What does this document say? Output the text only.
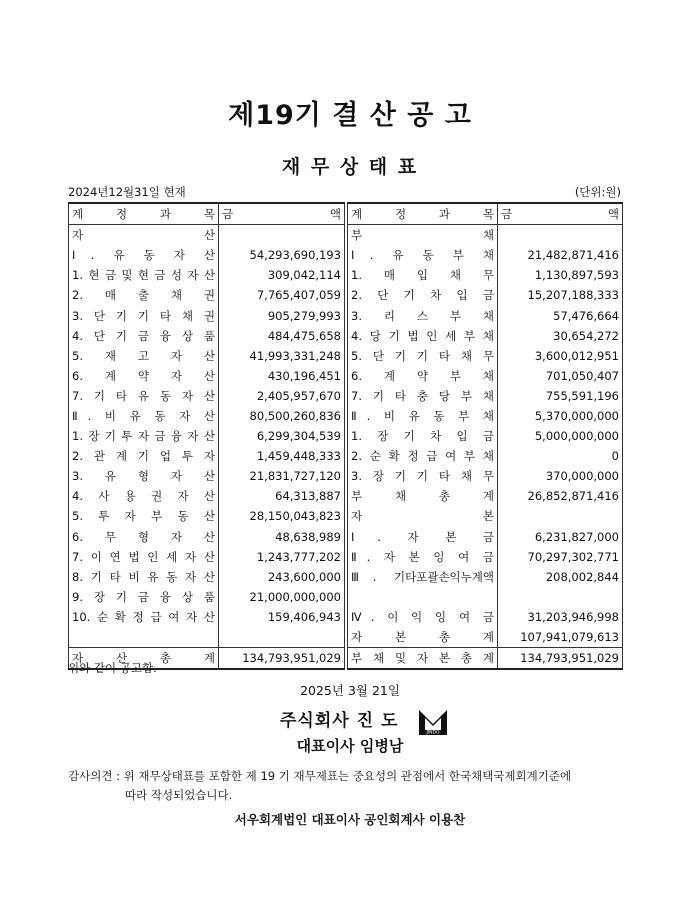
제19기 결 산 공 고
재 무 상 태 표
2024년12월31일 현재	(단위:원)
계 정 과 목	금 액		계 정 과 목	금 액

자 산			부 채	
Ⅰ. 유 동 자 산	54,293,690,193		Ⅰ. 유 동 부 채	21,482,871,416
1. 현 금 및 현 금 성 자 산	309,042,114		1. 매 입 채 무	1,130,897,593
2. 매 출 채 권	7,765,407,059		2. 단 기 차 입 금	15,207,188,333
3. 단 기 기 타 채 권	905,279,993		3. 리 스 부 채	57,476,664
4. 단 기 금 융 상 품	484,475,658		4. 당 기 법 인 세 부 채	30,654,272
5. 재 고 자 산	41,993,331,248		5. 단 기 기 타 채 무	3,600,012,951
6. 계 약 자 산	430,196,451		6. 계 약 부 채	701,050,407
7. 기 타 유 동 자 산	2,405,957,670		7. 기 타 충 당 부 채	755,591,196
Ⅱ. 비 유 동 자 산	80,500,260,836		Ⅱ. 비 유 동 부 채	5,370,000,000
1. 장 기 투 자 금 융 자 산	6,299,304,539		1. 장 기 차 입 금	5,000,000,000
2. 관 계 기 업 투 자	1,459,448,333		2. 순 확 정 급 여 부 채	0
3. 유 형 자 산	21,831,727,120		3. 장 기 기 타 채 무	370,000,000
4. 사 용 권 자 산	64,313,887		부 채 총 계	26,852,871,416
5. 투 자 부 동 산	28,150,043,823		자 본	
6. 무 형 자 산	48,638,989		Ⅰ. 자 본 금	6,231,827,000
7. 이 연 법 인 세 자 산	1,243,777,202		Ⅱ. 자 본 잉 여 금	70,297,302,771
8. 기 타 비 유 동 자 산	243,600,000		Ⅲ. 기타포괄손익누계액	208,002,844
9. 장 기 금 융 상 품	21,000,000,000			
10. 순 확 정 급 여 자 산	159,406,943		Ⅳ. 이 익 잉 여 금	31,203,946,998
			자 본 총 계	107,941,079,613
자 산 총 계	134,793,951,029		부 채 및 자 본 총 계	134,793,951,029
위와 같이 공고함.
2025년 3월 21일
주식회사 진 도
JINDO
대표이사 임병남
감사의견 : 위 재무상태표를 포함한 제 19 기 재무제표는 중요성의 관점에서 한국채택국제회계기준에
따라 작성되었습니다.
서우회계법인 대표이사 공인회계사 이용찬
